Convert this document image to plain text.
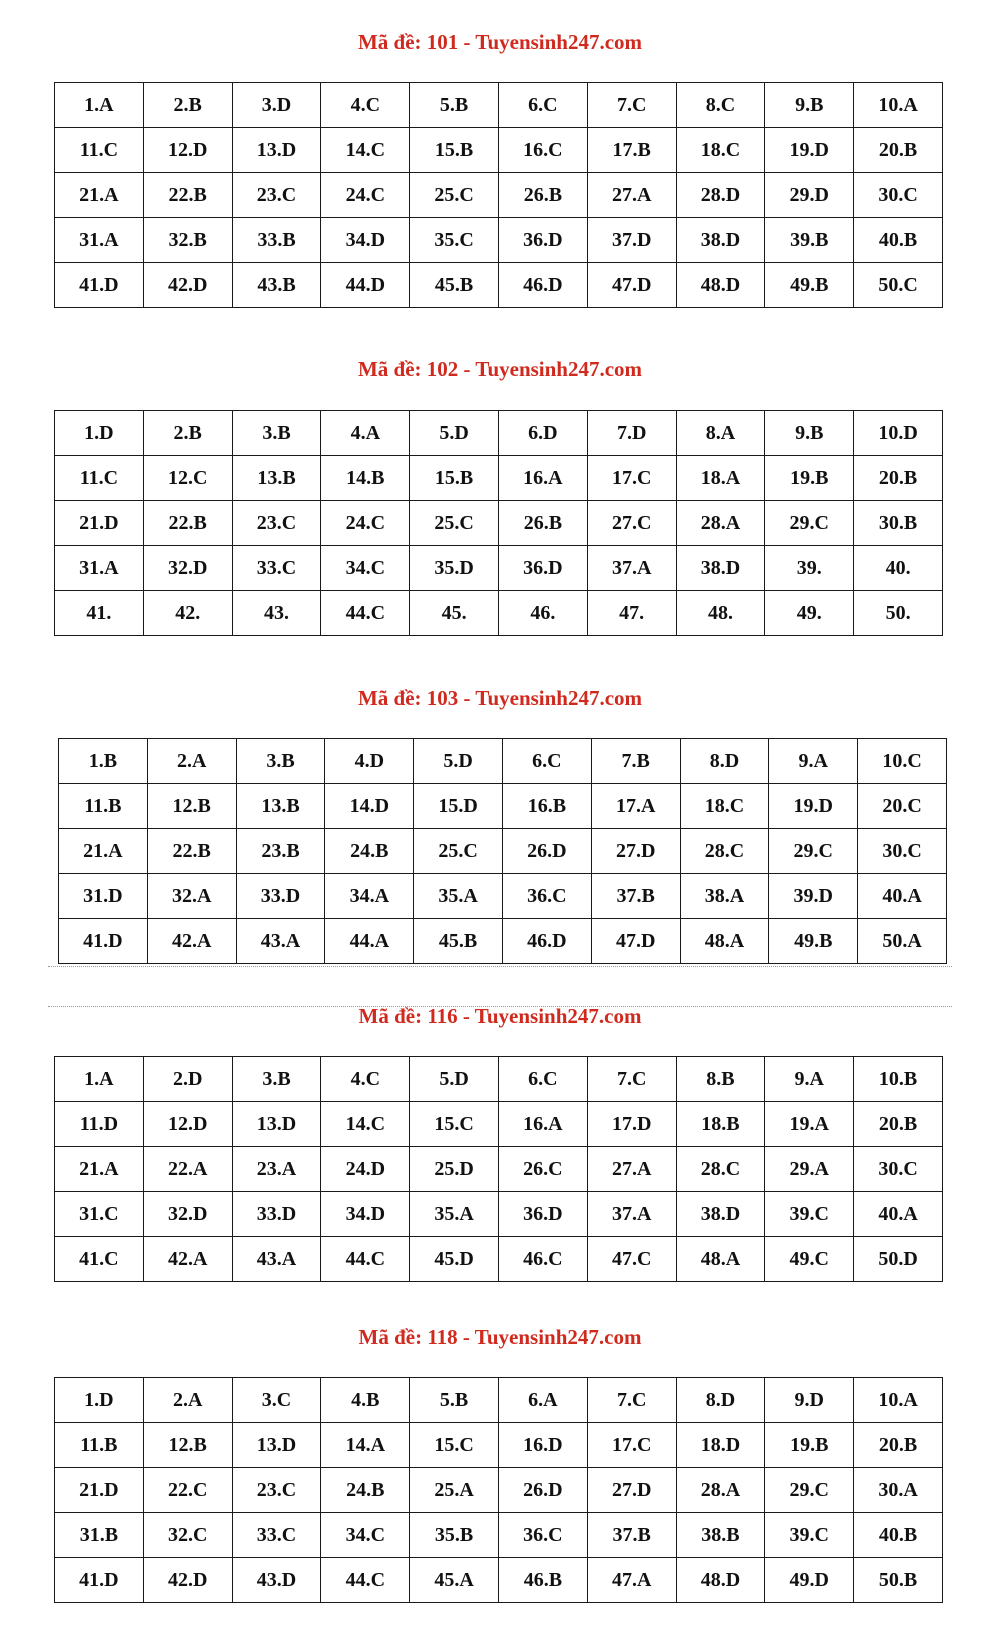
Mã đề: 101 - Tuyensinh247.com
1.A	2.B	3.D	4.C	5.B	6.C	7.C	8.C	9.B	10.A
11.C	12.D	13.D	14.C	15.B	16.C	17.B	18.C	19.D	20.B
21.A	22.B	23.C	24.C	25.C	26.B	27.A	28.D	29.D	30.C
31.A	32.B	33.B	34.D	35.C	36.D	37.D	38.D	39.B	40.B
41.D	42.D	43.B	44.D	45.B	46.D	47.D	48.D	49.B	50.C
Mã đề: 102 - Tuyensinh247.com
1.D	2.B	3.B	4.A	5.D	6.D	7.D	8.A	9.B	10.D
11.C	12.C	13.B	14.B	15.B	16.A	17.C	18.A	19.B	20.B
21.D	22.B	23.C	24.C	25.C	26.B	27.C	28.A	29.C	30.B
31.A	32.D	33.C	34.C	35.D	36.D	37.A	38.D	39.	40.
41.	42.	43.	44.C	45.	46.	47.	48.	49.	50.
Mã đề: 103 - Tuyensinh247.com
1.B	2.A	3.B	4.D	5.D	6.C	7.B	8.D	9.A	10.C
11.B	12.B	13.B	14.D	15.D	16.B	17.A	18.C	19.D	20.C
21.A	22.B	23.B	24.B	25.C	26.D	27.D	28.C	29.C	30.C
31.D	32.A	33.D	34.A	35.A	36.C	37.B	38.A	39.D	40.A
41.D	42.A	43.A	44.A	45.B	46.D	47.D	48.A	49.B	50.A
Mã đề: 116 - Tuyensinh247.com
1.A	2.D	3.B	4.C	5.D	6.C	7.C	8.B	9.A	10.B
11.D	12.D	13.D	14.C	15.C	16.A	17.D	18.B	19.A	20.B
21.A	22.A	23.A	24.D	25.D	26.C	27.A	28.C	29.A	30.C
31.C	32.D	33.D	34.D	35.A	36.D	37.A	38.D	39.C	40.A
41.C	42.A	43.A	44.C	45.D	46.C	47.C	48.A	49.C	50.D
Mã đề: 118 - Tuyensinh247.com
1.D	2.A	3.C	4.B	5.B	6.A	7.C	8.D	9.D	10.A
11.B	12.B	13.D	14.A	15.C	16.D	17.C	18.D	19.B	20.B
21.D	22.C	23.C	24.B	25.A	26.D	27.D	28.A	29.C	30.A
31.B	32.C	33.C	34.C	35.B	36.C	37.B	38.B	39.C	40.B
41.D	42.D	43.D	44.C	45.A	46.B	47.A	48.D	49.D	50.B
